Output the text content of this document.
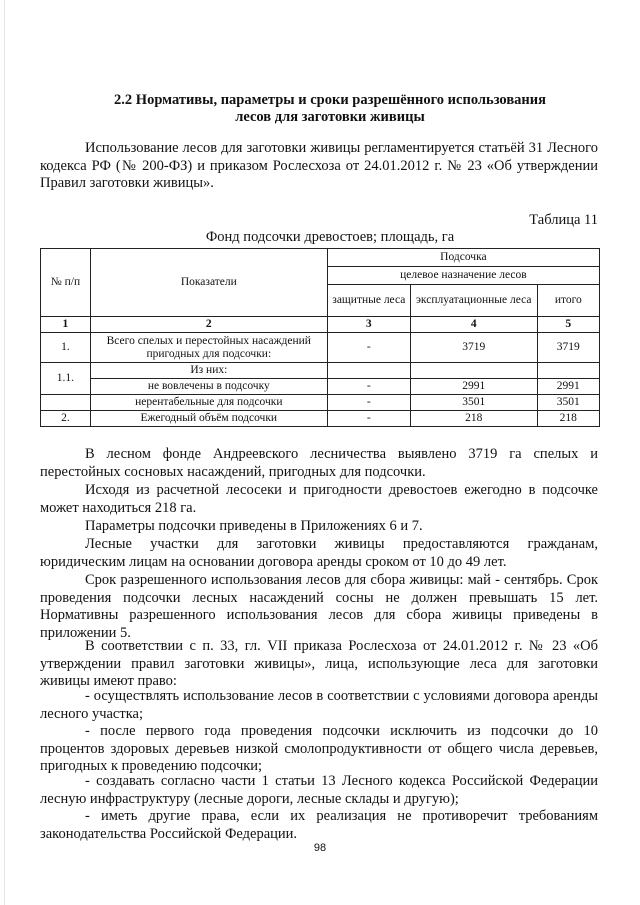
2.2 Нормативы, параметры и сроки разрешённого использования
лесов для заготовки живицы
Использование лесов для заготовки живицы регламентируется статьёй 31 Лесного кодекса РФ (№ 200-ФЗ) и приказом Рослесхоза от 24.01.2012 г. № 23 «Об утверждении Правил заготовки живицы».
Таблица 11
Фонд подсочки древостоев; площадь, га
№ п/п	Показатели	Подсочка		
		целевое назначение лесов		
		защитные леса	эксплуатационные леса	итого
1	2	3	4	5
1.	Всего спелых и перестойных насаждений пригодных для подсочки:	-	3719	3719
1.1.	Из них:			
	не вовлечены в подсочку	-	2991	2991
	нерентабельные для подсочки	-	3501	3501
2.	Ежегодный объём подсочки	-	218	218
В лесном фонде Андреевского лесничества выявлено 3719 га спелых и перестойных сосновых насаждений, пригодных для подсочки.
Исходя из расчетной лесосеки и пригодности древостоев ежегодно в подсочке может находиться 218 га.
Параметры подсочки приведены в Приложениях 6 и 7.
Лесные участки для заготовки живицы предоставляются гражданам, юридическим лицам на основании договора аренды сроком от 10 до 49 лет.
Срок разрешенного использования лесов для сбора живицы: май - сентябрь. Срок проведения подсочки лесных насаждений сосны не должен превышать 15 лет. Нормативны разрешенного использования лесов для сбора живицы приведены в приложении 5.
В соответствии с п. 33, гл. VII приказа Рослесхоза от 24.01.2012 г. № 23 «Об утверждении правил заготовки живицы», лица, использующие леса для заготовки живицы имеют право:
- осуществлять использование лесов в соответствии с условиями договора аренды лесного участка;
- после первого года проведения подсочки исключить из подсочки до 10 процентов здоровых деревьев низкой смолопродуктивности от общего числа деревьев, пригодных к проведению подсочки;
- создавать согласно части 1 статьи 13 Лесного кодекса Российской Федерации лесную инфраструктуру (лесные дороги, лесные склады и другую);
- иметь другие права, если их реализация не противоречит требованиям законодательства Российской Федерации.
98
